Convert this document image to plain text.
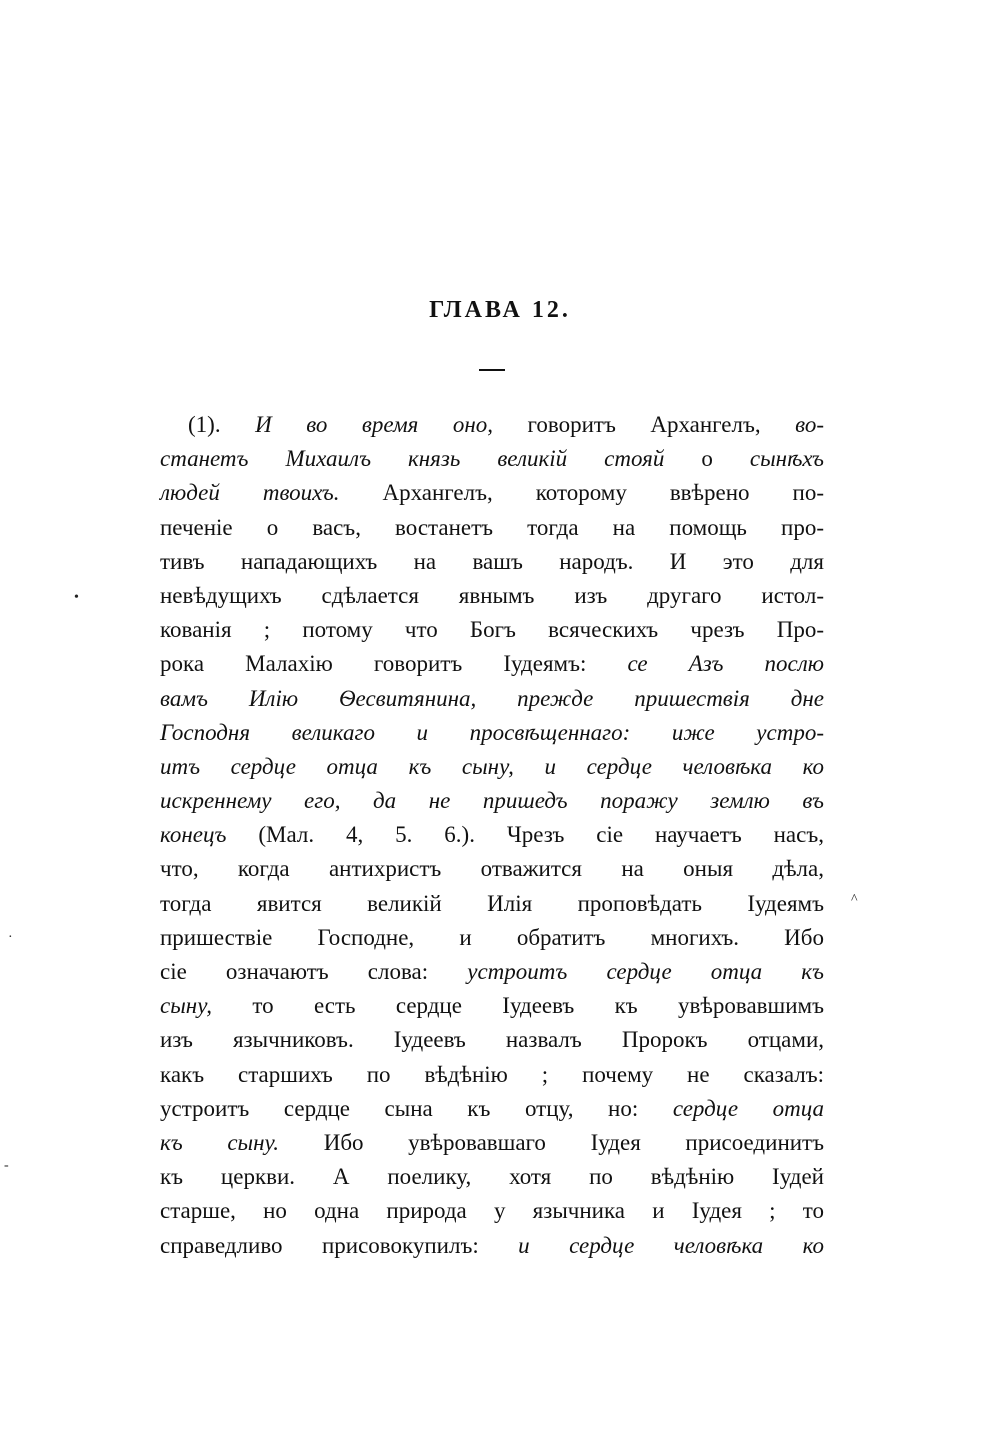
ГЛАВА 12.
(1). И во время оно, говоритъ Архангелъ, во-
станетъ Михаилъ князь великій стояй о сынѣхъ
людей твоихъ. Архангелъ, которому ввѣрено по-
печеніе о васъ, востанетъ тогда на помощь про-
тивъ нападающихъ на вашъ народъ. И это для
невѣдущихъ сдѣлается явнымъ изъ другаго истол-
кованія ; потому что Богъ всяческихъ чрезъ Про-
рока Малахію говоритъ Іудеямъ: се Азъ послю
вамъ Илію Ѳесвитянина, прежде пришествія дне
Господня великаго и просвѣщеннаго: иже устро-
итъ сердце отца къ сыну, и сердце человѣка ко
искреннему его, да не пришедъ поражу землю въ
конецъ (Мал. 4, 5. 6.). Чрезъ сіе научаетъ насъ,
что, когда антихристъ отважится на оныя дѣла,
тогда явится великій Илія проповѣдать Іудеямъ
пришествіе Господне, и обратитъ многихъ. Ибо
сіе означаютъ слова: устроитъ сердце отца къ
сыну, то есть сердце Іудеевъ къ увѣровавшимъ
изъ язычниковъ. Іудеевъ назвалъ Пророкъ отцами,
какъ старшихъ по вѣдѣнію ; почему не сказалъ:
устроитъ сердце сына къ отцу, но: сердце отца
къ сыну. Ибо увѣровавшаго Іудея присоединитъ
къ церкви. А поелику, хотя по вѣдѣнію Іудей
старше, но одна природа у язычника и Іудея ; то
справедливо присовокупилъ: и сердце человѣка ко
•
·
^
-
